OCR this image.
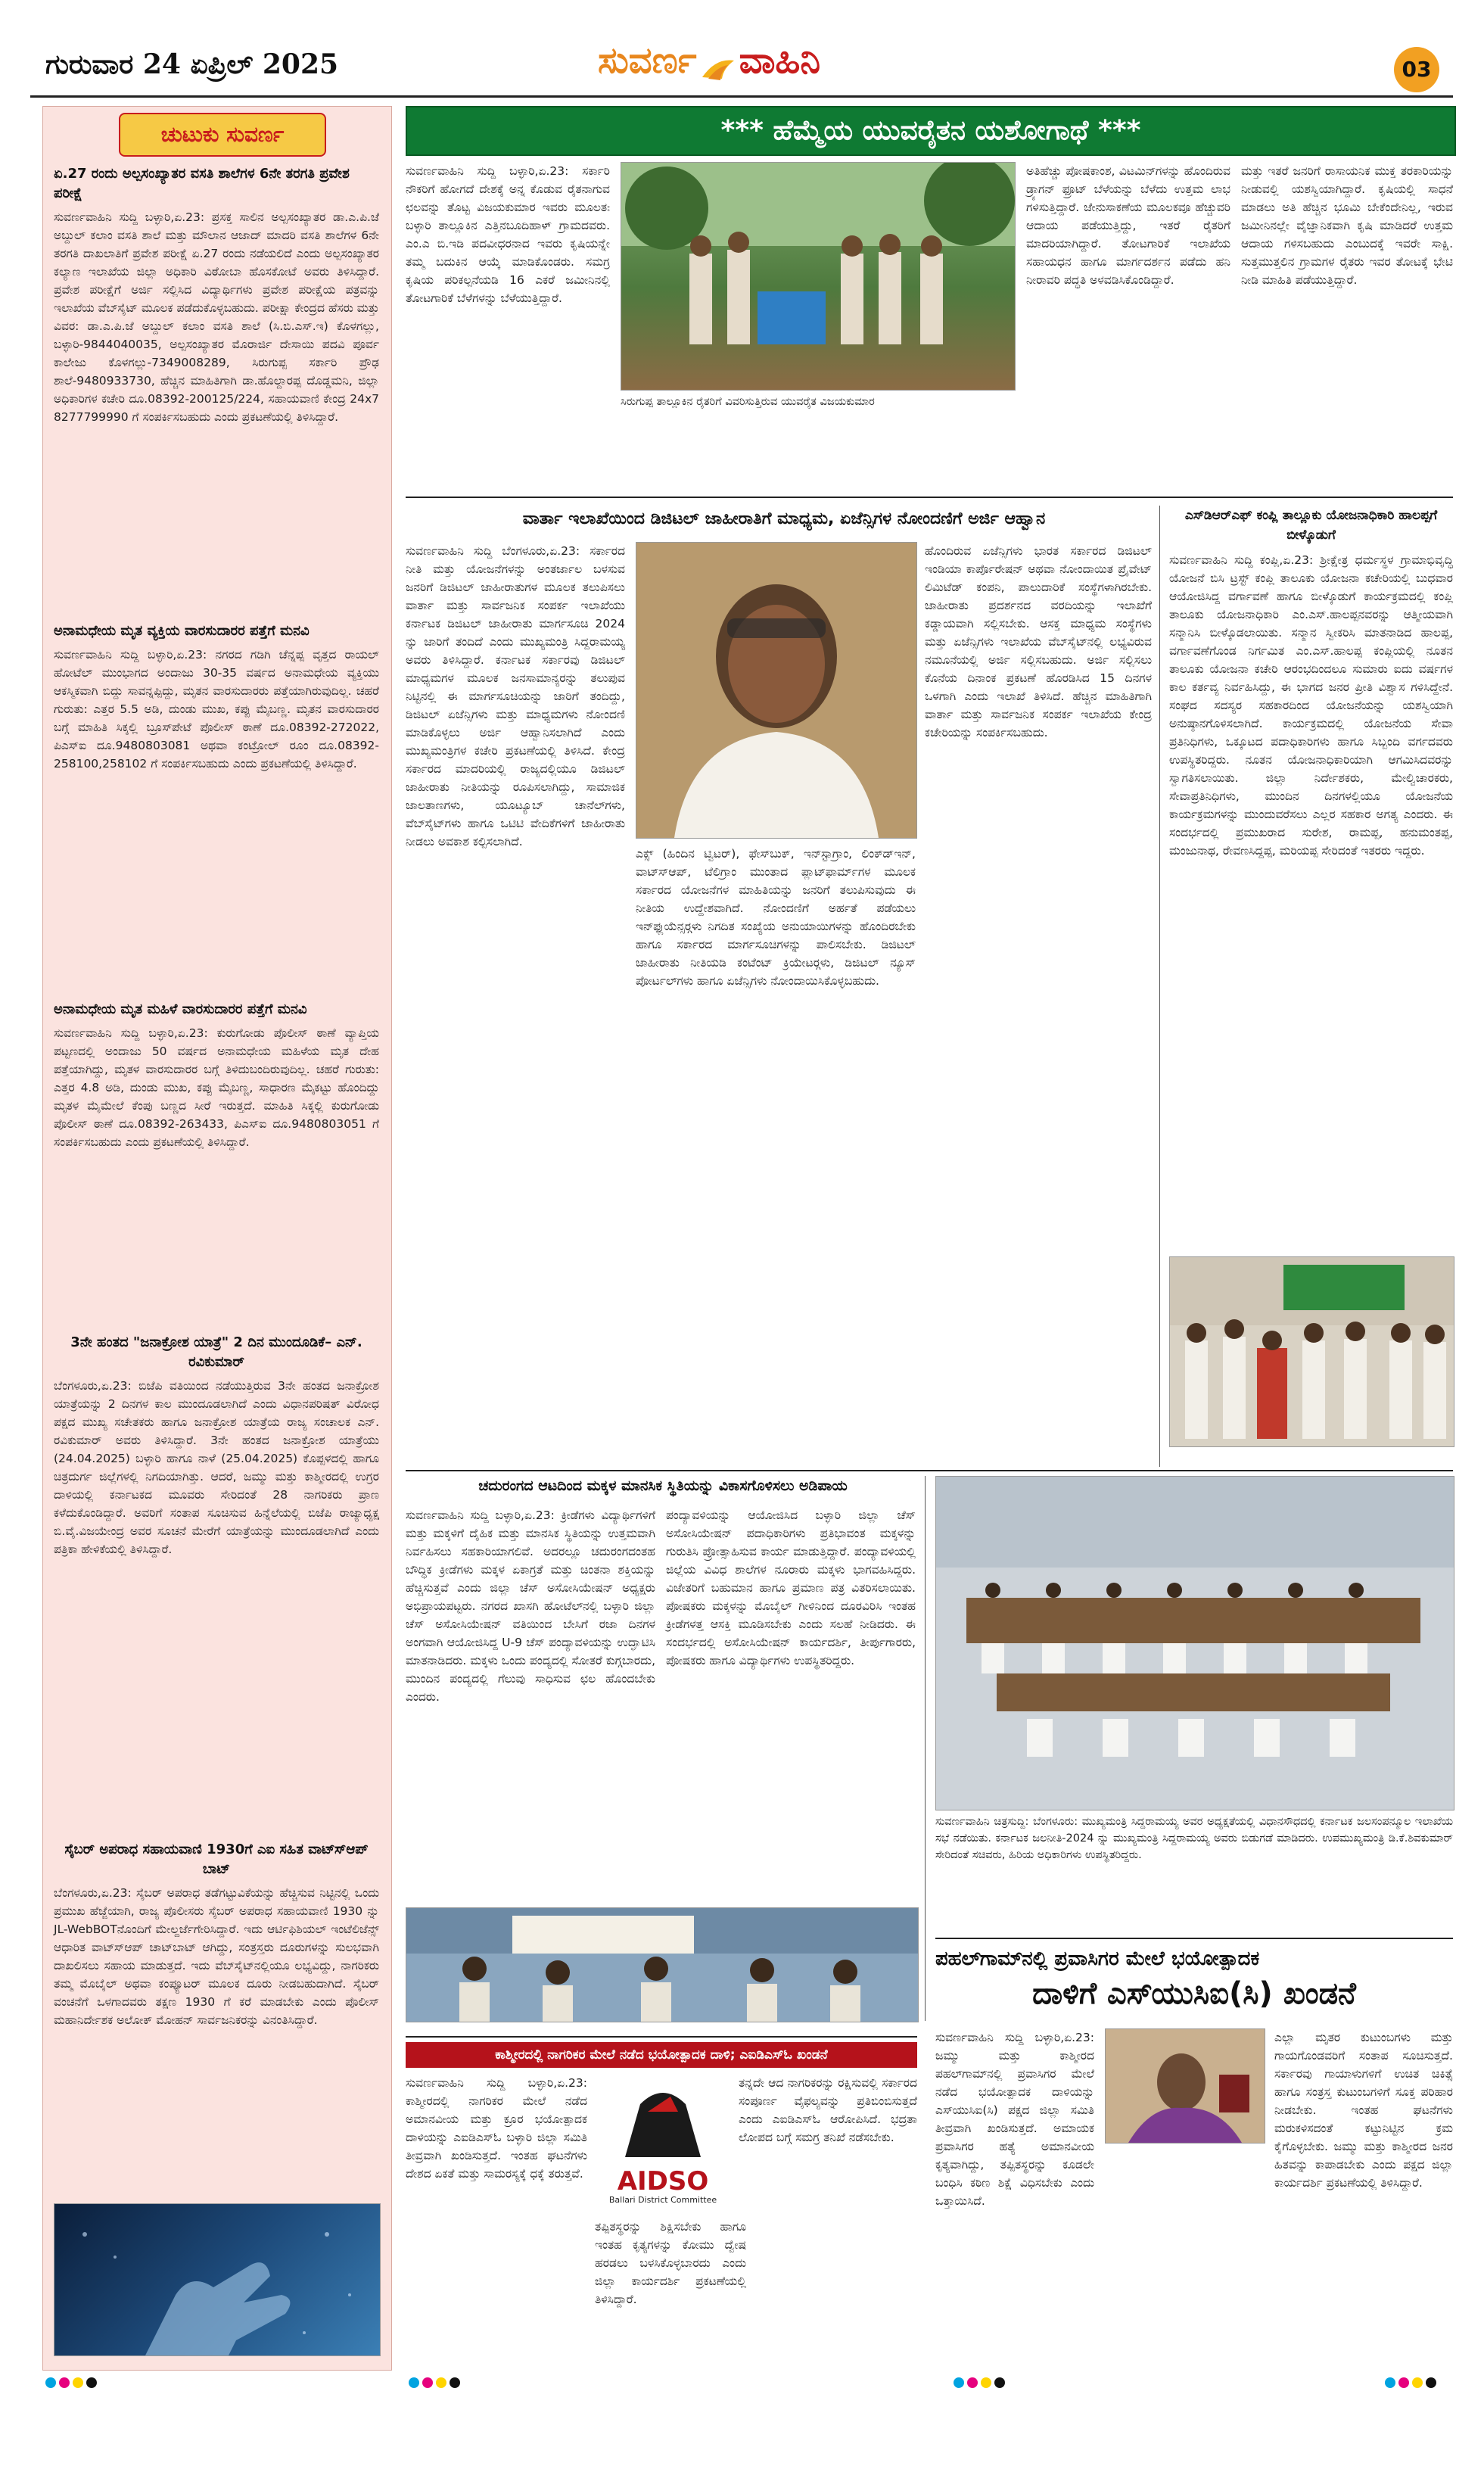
ಗುರುವಾರ 24 ಏಪ್ರಿಲ್ 2025	ಸುವರ್ಣ ವಾಹಿನಿ	03
ಚುಟುಕು ಸುವರ್ಣ
ಏ.27 ರಂದು ಅಲ್ಪಸಂಖ್ಯಾತರ ವಸತಿ ಶಾಲೆಗಳ 6ನೇ ತರಗತಿ ಪ್ರವೇಶ ಪರೀಕ್ಷೆ
ಸುವರ್ಣವಾಹಿನಿ ಸುದ್ದಿ ಬಳ್ಳಾರಿ,ಏ.23: ಪ್ರಸಕ್ತ ಸಾಲಿನ ಅಲ್ಪಸಂಖ್ಯಾತರ ಡಾ.ಎ.ಪಿ.ಜೆ ಅಬ್ದುಲ್ ಕಲಾಂ ವಸತಿ ಶಾಲೆ ಮತ್ತು ಮೌಲಾನ ಆಜಾದ್ ಮಾದರಿ ವಸತಿ ಶಾಲೆಗಳ 6ನೇ ತರಗತಿ ದಾಖಲಾತಿಗೆ ಪ್ರವೇಶ ಪರೀಕ್ಷೆ ಏ.27 ರಂದು ನಡೆಯಲಿದೆ ಎಂದು ಅಲ್ಪಸಂಖ್ಯಾತರ ಕಲ್ಯಾಣ ಇಲಾಖೆಯ ಜಿಲ್ಲಾ ಅಧಿಕಾರಿ ವಿಠೋಬಾ ಹೊಸಕೋಟೆ ಅವರು ತಿಳಿಸಿದ್ದಾರೆ. ಪ್ರವೇಶ ಪರೀಕ್ಷೆಗೆ ಅರ್ಜಿ ಸಲ್ಲಿಸಿದ ವಿದ್ಯಾರ್ಥಿಗಳು ಪ್ರವೇಶ ಪರೀಕ್ಷೆಯ ಪತ್ರವನ್ನು ಇಲಾಖೆಯ ವೆಬ್‍ಸೈಟ್ ಮೂಲಕ ಪಡೆದುಕೊಳ್ಳಬಹುದು. ಪರೀಕ್ಷಾ ಕೇಂದ್ರದ ಹೆಸರು ಮತ್ತು ವಿವರ: ಡಾ.ಎ.ಪಿ.ಜೆ ಅಬ್ದುಲ್ ಕಲಾಂ ವಸತಿ ಶಾಲೆ (ಸಿ.ಬಿ.ಎಸ್.ಇ) ಕೊಳಗಲ್ಲು, ಬಳ್ಳಾರಿ-9844040035, ಅಲ್ಪಸಂಖ್ಯಾತರ ಮೊರಾರ್ಜಿ ದೇಸಾಯಿ ಪದವಿ ಪೂರ್ವ ಕಾಲೇಜು ಕೊಳಗಲ್ಲು-7349008289, ಸಿರುಗುಪ್ಪ ಸರ್ಕಾರಿ ಪ್ರೌಢ ಶಾಲೆ-9480933730, ಹೆಚ್ಚಿನ ಮಾಹಿತಿಗಾಗಿ ಡಾ.ಹೊಲ್ದಾರಪ್ಪ ದೊಡ್ಡಮನಿ, ಜಿಲ್ಲಾ ಅಧಿಕಾರಿಗಳ ಕಚೇರಿ ದೂ.08392-200125/224, ಸಹಾಯವಾಣಿ ಕೇಂದ್ರ 24x7 8277799990 ಗೆ ಸಂಪರ್ಕಿಸಬಹುದು ಎಂದು ಪ್ರಕಟಣೆಯಲ್ಲಿ ತಿಳಿಸಿದ್ದಾರೆ.
ಅನಾಮಧೇಯ ಮೃತ ವ್ಯಕ್ತಿಯ ವಾರಸುದಾರರ ಪತ್ತೆಗೆ ಮನವಿ
ಸುವರ್ಣವಾಹಿನಿ ಸುದ್ದಿ ಬಳ್ಳಾರಿ,ಏ.23: ನಗರದ ಗಡಿಗಿ ಚೆನ್ನಪ್ಪ ವೃತ್ತದ ರಾಯಲ್ ಹೋಟೆಲ್ ಮುಂಭಾಗದ ಅಂದಾಜು 30-35 ವರ್ಷದ ಅನಾಮಧೇಯ ವ್ಯಕ್ತಿಯು ಆಕಸ್ಮಿಕವಾಗಿ ಬಿದ್ದು ಸಾವನ್ನಪ್ಪಿದ್ದು, ಮೃತನ ವಾರಸುದಾರರು ಪತ್ತೆಯಾಗಿರುವುದಿಲ್ಲ. ಚಹರೆ ಗುರುತು: ಎತ್ತರ 5.5 ಅಡಿ, ದುಂಡು ಮುಖ, ಕಪ್ಪು ಮೈಬಣ್ಣ. ಮೃತನ ವಾರಸುದಾರರ ಬಗ್ಗೆ ಮಾಹಿತಿ ಸಿಕ್ಕಲ್ಲಿ ಬ್ರೂಸ್‍ಪೇಟೆ ಪೊಲೀಸ್ ಠಾಣೆ ದೂ.08392-272022, ಪಿಎಸ್‍ಐ ದೂ.9480803081 ಅಥವಾ ಕಂಟ್ರೋಲ್ ರೂಂ ದೂ.08392-258100,258102 ಗೆ ಸಂಪರ್ಕಿಸಬಹುದು ಎಂದು ಪ್ರಕಟಣೆಯಲ್ಲಿ ತಿಳಿಸಿದ್ದಾರೆ.
ಅನಾಮಧೇಯ ಮೃತ ಮಹಿಳೆ ವಾರಸುದಾರರ ಪತ್ತೆಗೆ ಮನವಿ
ಸುವರ್ಣವಾಹಿನಿ ಸುದ್ದಿ ಬಳ್ಳಾರಿ,ಏ.23: ಕುರುಗೋಡು ಪೊಲೀಸ್ ಠಾಣೆ ವ್ಯಾಪ್ತಿಯ ಪಟ್ಟಣದಲ್ಲಿ ಅಂದಾಜು 50 ವರ್ಷದ ಅನಾಮಧೇಯ ಮಹಿಳೆಯ ಮೃತ ದೇಹ ಪತ್ತೆಯಾಗಿದ್ದು, ಮೃತಳ ವಾರಸುದಾರರ ಬಗ್ಗೆ ತಿಳಿದುಬಂದಿರುವುದಿಲ್ಲ. ಚಹರೆ ಗುರುತು: ಎತ್ತರ 4.8 ಅಡಿ, ದುಂಡು ಮುಖ, ಕಪ್ಪು ಮೈಬಣ್ಣ, ಸಾಧಾರಣ ಮೈಕಟ್ಟು ಹೊಂದಿದ್ದು ಮೃತಳ ಮೈಮೇಲೆ ಕೆಂಪು ಬಣ್ಣದ ಸೀರೆ ಇರುತ್ತದೆ. ಮಾಹಿತಿ ಸಿಕ್ಕಲ್ಲಿ ಕುರುಗೋಡು ಪೊಲೀಸ್ ಠಾಣೆ ದೂ.08392-263433, ಪಿಎಸ್‍ಐ ದೂ.9480803051 ಗೆ ಸಂಪರ್ಕಿಸಬಹುದು ಎಂದು ಪ್ರಕಟಣೆಯಲ್ಲಿ ತಿಳಿಸಿದ್ದಾರೆ.
3ನೇ ಹಂತದ "ಜನಾಕ್ರೋಶ ಯಾತ್ರೆ" 2 ದಿನ ಮುಂದೂಡಿಕೆ– ಎನ್. ರವಿಕುಮಾರ್
ಬೆಂಗಳೂರು,ಏ.23: ಬಿಜೆಪಿ ವತಿಯಿಂದ ನಡೆಯುತ್ತಿರುವ 3ನೇ ಹಂತದ ಜನಾಕ್ರೋಶ ಯಾತ್ರೆಯನ್ನು 2 ದಿನಗಳ ಕಾಲ ಮುಂದೂಡಲಾಗಿದೆ ಎಂದು ವಿಧಾನಪರಿಷತ್ ವಿರೋಧ ಪಕ್ಷದ ಮುಖ್ಯ ಸಚೇತಕರು ಹಾಗೂ ಜನಾಕ್ರೋಶ ಯಾತ್ರೆಯ ರಾಜ್ಯ ಸಂಚಾಲಕ ಎನ್. ರವಿಕುಮಾರ್ ಅವರು ತಿಳಿಸಿದ್ದಾರೆ. 3ನೇ ಹಂತದ ಜನಾಕ್ರೋಶ ಯಾತ್ರೆಯು (24.04.2025) ಬಳ್ಳಾರಿ ಹಾಗೂ ನಾಳೆ (25.04.2025) ಕೊಪ್ಪಳದಲ್ಲಿ ಹಾಗೂ ಚಿತ್ರದುರ್ಗ ಜಿಲ್ಲೆಗಳಲ್ಲಿ ನಿಗದಿಯಾಗಿತ್ತು. ಆದರೆ, ಜಮ್ಮು ಮತ್ತು ಕಾಶ್ಮೀರದಲ್ಲಿ ಉಗ್ರರ ದಾಳಿಯಲ್ಲಿ ಕರ್ನಾಟಕದ ಮೂವರು ಸೇರಿದಂತೆ 28 ನಾಗರಿಕರು ಪ್ರಾಣ ಕಳೆದುಕೊಂಡಿದ್ದಾರೆ. ಅವರಿಗೆ ಸಂತಾಪ ಸೂಚಿಸುವ ಹಿನ್ನೆಲೆಯಲ್ಲಿ ಬಿಜೆಪಿ ರಾಜ್ಯಾಧ್ಯಕ್ಷ ಬಿ.ವೈ.ವಿಜಯೇಂದ್ರ ಅವರ ಸೂಚನೆ ಮೇರೆಗೆ ಯಾತ್ರೆಯನ್ನು ಮುಂದೂಡಲಾಗಿದೆ ಎಂದು ಪತ್ರಿಕಾ ಹೇಳಿಕೆಯಲ್ಲಿ ತಿಳಿಸಿದ್ದಾರೆ.
ಸೈಬರ್ ಅಪರಾಧ ಸಹಾಯವಾಣಿ 1930ಗೆ ಎಐ ಸಹಿತ ವಾಟ್ಸ್‍ಆಪ್ ಬಾಟ್
ಬೆಂಗಳೂರು,ಏ.23: ಸೈಬರ್ ಅಪರಾಧ ತಡೆಗಟ್ಟುವಿಕೆಯನ್ನು ಹೆಚ್ಚಿಸುವ ನಿಟ್ಟಿನಲ್ಲಿ ಒಂದು ಪ್ರಮುಖ ಹೆಜ್ಜೆಯಾಗಿ, ರಾಜ್ಯ ಪೊಲೀಸರು ಸೈಬರ್ ಅಪರಾಧ ಸಹಾಯವಾಣಿ 1930 ನ್ನು JL-WebBOTನೊಂದಿಗೆ ಮೇಲ್ದರ್ಜೆಗೇರಿಸಿದ್ದಾರೆ. ಇದು ಆರ್ಟಿಫಿಶಿಯಲ್ ಇಂಟೆಲಿಜೆನ್ಸ್ ಆಧಾರಿತ ವಾಟ್ಸ್‍ಆಪ್ ಚಾಟ್‍ಬಾಟ್ ಆಗಿದ್ದು, ಸಂತ್ರಸ್ತರು ದೂರುಗಳನ್ನು ಸುಲಭವಾಗಿ ದಾಖಲಿಸಲು ಸಹಾಯ ಮಾಡುತ್ತದೆ. ಇದು ವೆಬ್‍ಸೈಟ್‍ನಲ್ಲಿಯೂ ಲಭ್ಯವಿದ್ದು, ನಾಗರಿಕರು ತಮ್ಮ ಮೊಬೈಲ್ ಅಥವಾ ಕಂಪ್ಯೂಟರ್ ಮೂಲಕ ದೂರು ನೀಡಬಹುದಾಗಿದೆ. ಸೈಬರ್ ವಂಚನೆಗೆ ಒಳಗಾದವರು ತಕ್ಷಣ 1930 ಗೆ ಕರೆ ಮಾಡಬೇಕು ಎಂದು ಪೊಲೀಸ್ ಮಹಾನಿರ್ದೇಶಕ ಅಲೋಕ್ ಮೋಹನ್ ಸಾರ್ವಜನಿಕರನ್ನು ವಿನಂತಿಸಿದ್ದಾರೆ.
*** ಹೆಮ್ಮೆಯ ಯುವರೈತನ ಯಶೋಗಾಥೆ ***
ಸುವರ್ಣವಾಹಿನಿ ಸುದ್ದಿ ಬಳ್ಳಾರಿ,ಏ.23: ಸರ್ಕಾರಿ ನೌಕರಿಗೆ ಹೋಗದೆ ದೇಶಕ್ಕೆ ಅನ್ನ ಕೊಡುವ ರೈತನಾಗುವ ಛಲವನ್ನು ತೊಟ್ಟ ವಿಜಯಕುಮಾರ ಇವರು ಮೂಲತಃ ಬಳ್ಳಾರಿ ತಾಲ್ಲೂಕಿನ ಎತ್ತಿನಬೂದಿಹಾಳ್ ಗ್ರಾಮದವರು. ಎಂ.ಎ ಬಿ.ಇಡಿ ಪದವೀಧರನಾದ ಇವರು ಕೃಷಿಯನ್ನೇ ತಮ್ಮ ಬದುಕಿನ ಆಯ್ಕೆ ಮಾಡಿಕೊಂಡರು. ಸಮಗ್ರ ಕೃಷಿಯ ಪರಿಕಲ್ಪನೆಯಡಿ 16 ಎಕರೆ ಜಮೀನಿನಲ್ಲಿ ತೋಟಗಾರಿಕೆ ಬೆಳೆಗಳನ್ನು ಬೆಳೆಯುತ್ತಿದ್ದಾರೆ.
ಸಿರುಗುಪ್ಪ ತಾಲ್ಲೂಕಿನ ರೈತರಿಗೆ ವಿವರಿಸುತ್ತಿರುವ ಯುವರೈತ ವಿಜಯಕುಮಾರ
ಅತಿಹೆಚ್ಚು ಪೋಷಕಾಂಶ, ವಿಟಮಿನ್‍ಗಳನ್ನು ಹೊಂದಿರುವ ಡ್ರ್ಯಾಗನ್ ಫ್ರೂಟ್ ಬೆಳೆಯನ್ನು ಬೆಳೆದು ಉತ್ತಮ ಲಾಭ ಗಳಿಸುತ್ತಿದ್ದಾರೆ. ಜೇನುಸಾಕಣೆಯ ಮೂಲಕವೂ ಹೆಚ್ಚುವರಿ ಆದಾಯ ಪಡೆಯುತ್ತಿದ್ದು, ಇತರೆ ರೈತರಿಗೆ ಮಾದರಿಯಾಗಿದ್ದಾರೆ. ತೋಟಗಾರಿಕೆ ಇಲಾಖೆಯ ಸಹಾಯಧನ ಹಾಗೂ ಮಾರ್ಗದರ್ಶನ ಪಡೆದು ಹನಿ ನೀರಾವರಿ ಪದ್ಧತಿ ಅಳವಡಿಸಿಕೊಂಡಿದ್ದಾರೆ.
ಮತ್ತು ಇತರೆ ಜನರಿಗೆ ರಾಸಾಯನಿಕ ಮುಕ್ತ ತರಕಾರಿಯನ್ನು ನೀಡುವಲ್ಲಿ ಯಶಸ್ವಿಯಾಗಿದ್ದಾರೆ. ಕೃಷಿಯಲ್ಲಿ ಸಾಧನೆ ಮಾಡಲು ಅತಿ ಹೆಚ್ಚಿನ ಭೂಮಿ ಬೇಕೆಂದೇನಿಲ್ಲ, ಇರುವ ಜಮೀನಿನಲ್ಲೇ ವೈಜ್ಞಾನಿಕವಾಗಿ ಕೃಷಿ ಮಾಡಿದರೆ ಉತ್ತಮ ಆದಾಯ ಗಳಿಸಬಹುದು ಎಂಬುದಕ್ಕೆ ಇವರೇ ಸಾಕ್ಷಿ. ಸುತ್ತಮುತ್ತಲಿನ ಗ್ರಾಮಗಳ ರೈತರು ಇವರ ತೋಟಕ್ಕೆ ಭೇಟಿ ನೀಡಿ ಮಾಹಿತಿ ಪಡೆಯುತ್ತಿದ್ದಾರೆ.
ವಾರ್ತಾ ಇಲಾಖೆಯಿಂದ ಡಿಜಿಟಲ್ ಜಾಹೀರಾತಿಗೆ ಮಾಧ್ಯಮ, ಏಜೆನ್ಸಿಗಳ ನೋಂದಣಿಗೆ ಅರ್ಜಿ ಆಹ್ವಾನ
ಸುವರ್ಣವಾಹಿನಿ ಸುದ್ದಿ ಬೆಂಗಳೂರು,ಏ.23: ಸರ್ಕಾರದ ನೀತಿ ಮತ್ತು ಯೋಜನೆಗಳನ್ನು ಅಂತರ್ಜಾಲ ಬಳಸುವ ಜನರಿಗೆ ಡಿಜಿಟಲ್ ಜಾಹೀರಾತುಗಳ ಮೂಲಕ ತಲುಪಿಸಲು ವಾರ್ತಾ ಮತ್ತು ಸಾರ್ವಜನಿಕ ಸಂಪರ್ಕ ಇಲಾಖೆಯು ಕರ್ನಾಟಕ ಡಿಜಿಟಲ್ ಜಾಹೀರಾತು ಮಾರ್ಗಸೂಚಿ 2024 ನ್ನು ಜಾರಿಗೆ ತಂದಿದೆ ಎಂದು ಮುಖ್ಯಮಂತ್ರಿ ಸಿದ್ದರಾಮಯ್ಯ ಅವರು ತಿಳಿಸಿದ್ದಾರೆ. ಕರ್ನಾಟಕ ಸರ್ಕಾರವು ಡಿಜಿಟಲ್ ಮಾಧ್ಯಮಗಳ ಮೂಲಕ ಜನಸಾಮಾನ್ಯರನ್ನು ತಲುಪುವ ನಿಟ್ಟಿನಲ್ಲಿ ಈ ಮಾರ್ಗಸೂಚಿಯನ್ನು ಜಾರಿಗೆ ತಂದಿದ್ದು, ಡಿಜಿಟಲ್ ಏಜೆನ್ಸಿಗಳು ಮತ್ತು ಮಾಧ್ಯಮಗಳು ನೋಂದಣಿ ಮಾಡಿಕೊಳ್ಳಲು ಅರ್ಜಿ ಆಹ್ವಾನಿಸಲಾಗಿದೆ ಎಂದು ಮುಖ್ಯಮಂತ್ರಿಗಳ ಕಚೇರಿ ಪ್ರಕಟಣೆಯಲ್ಲಿ ತಿಳಿಸಿದೆ. ಕೇಂದ್ರ ಸರ್ಕಾರದ ಮಾದರಿಯಲ್ಲಿ ರಾಜ್ಯದಲ್ಲಿಯೂ ಡಿಜಿಟಲ್ ಜಾಹೀರಾತು ನೀತಿಯನ್ನು ರೂಪಿಸಲಾಗಿದ್ದು, ಸಾಮಾಜಿಕ ಜಾಲತಾಣಗಳು, ಯೂಟ್ಯೂಬ್ ಚಾನೆಲ್‍ಗಳು, ವೆಬ್‍ಸೈಟ್‍ಗಳು ಹಾಗೂ ಒಟಿಟಿ ವೇದಿಕೆಗಳಿಗೆ ಜಾಹೀರಾತು ನೀಡಲು ಅವಕಾಶ ಕಲ್ಪಿಸಲಾಗಿದೆ.
ಎಕ್ಸ್ (ಹಿಂದಿನ ಟ್ವಿಟರ್), ಫೇಸ್‍ಬುಕ್, ಇನ್‍ಸ್ಟಾಗ್ರಾಂ, ಲಿಂಕ್ಡ್‍ಇನ್, ವಾಟ್ಸ್‍ಆಪ್, ಟೆಲಿಗ್ರಾಂ ಮುಂತಾದ ಪ್ಲಾಟ್‍ಫಾರ್ಮ್‍ಗಳ ಮೂಲಕ ಸರ್ಕಾರದ ಯೋಜನೆಗಳ ಮಾಹಿತಿಯನ್ನು ಜನರಿಗೆ ತಲುಪಿಸುವುದು ಈ ನೀತಿಯ ಉದ್ದೇಶವಾಗಿದೆ. ನೋಂದಣಿಗೆ ಅರ್ಹತೆ ಪಡೆಯಲು ಇನ್‍ಫ್ಲುಯೆನ್ಸರ್‍ಗಳು ನಿಗದಿತ ಸಂಖ್ಯೆಯ ಅನುಯಾಯಿಗಳನ್ನು ಹೊಂದಿರಬೇಕು ಹಾಗೂ ಸರ್ಕಾರದ ಮಾರ್ಗಸೂಚಿಗಳನ್ನು ಪಾಲಿಸಬೇಕು. ಡಿಜಿಟಲ್ ಜಾಹೀರಾತು ನೀತಿಯಡಿ ಕಂಟೆಂಟ್ ಕ್ರಿಯೇಟರ್‍ಗಳು, ಡಿಜಿಟಲ್ ನ್ಯೂಸ್ ಪೋರ್ಟಲ್‍ಗಳು ಹಾಗೂ ಏಜೆನ್ಸಿಗಳು ನೋಂದಾಯಿಸಿಕೊಳ್ಳಬಹುದು.
ಹೊಂದಿರುವ ಏಜೆನ್ಸಿಗಳು ಭಾರತ ಸರ್ಕಾರದ ಡಿಜಿಟಲ್ ಇಂಡಿಯಾ ಕಾರ್ಪೊರೇಷನ್ ಅಥವಾ ನೋಂದಾಯಿತ ಪ್ರೈವೇಟ್ ಲಿಮಿಟೆಡ್ ಕಂಪನಿ, ಪಾಲುದಾರಿಕೆ ಸಂಸ್ಥೆಗಳಾಗಿರಬೇಕು. ಜಾಹೀರಾತು ಪ್ರದರ್ಶನದ ವರದಿಯನ್ನು ಇಲಾಖೆಗೆ ಕಡ್ಡಾಯವಾಗಿ ಸಲ್ಲಿಸಬೇಕು. ಆಸಕ್ತ ಮಾಧ್ಯಮ ಸಂಸ್ಥೆಗಳು ಮತ್ತು ಏಜೆನ್ಸಿಗಳು ಇಲಾಖೆಯ ವೆಬ್‍ಸೈಟ್‍ನಲ್ಲಿ ಲಭ್ಯವಿರುವ ನಮೂನೆಯಲ್ಲಿ ಅರ್ಜಿ ಸಲ್ಲಿಸಬಹುದು. ಅರ್ಜಿ ಸಲ್ಲಿಸಲು ಕೊನೆಯ ದಿನಾಂಕ ಪ್ರಕಟಣೆ ಹೊರಡಿಸಿದ 15 ದಿನಗಳ ಒಳಗಾಗಿ ಎಂದು ಇಲಾಖೆ ತಿಳಿಸಿದೆ. ಹೆಚ್ಚಿನ ಮಾಹಿತಿಗಾಗಿ ವಾರ್ತಾ ಮತ್ತು ಸಾರ್ವಜನಿಕ ಸಂಪರ್ಕ ಇಲಾಖೆಯ ಕೇಂದ್ರ ಕಚೇರಿಯನ್ನು ಸಂಪರ್ಕಿಸಬಹುದು.
ಎಸ್‍ಡಿಆರ್‍ಎಫ್ ಕಂಪ್ಲಿ ತಾಲ್ಲೂಕು ಯೋಜನಾಧಿಕಾರಿ ಹಾಲಪ್ಪಗೆ ಬೀಳ್ಕೊಡುಗೆ
ಸುವರ್ಣವಾಹಿನಿ ಸುದ್ದಿ ಕಂಪ್ಲಿ,ಏ.23: ಶ್ರೀಕ್ಷೇತ್ರ ಧರ್ಮಸ್ಥಳ ಗ್ರಾಮಾಭಿವೃದ್ಧಿ ಯೋಜನೆ ಬಿಸಿ ಟ್ರಸ್ಟ್ ಕಂಪ್ಲಿ ತಾಲೂಕು ಯೋಜನಾ ಕಚೇರಿಯಲ್ಲಿ ಬುಧವಾರ ಆಯೋಜಿಸಿದ್ದ ವರ್ಗಾವಣೆ ಹಾಗೂ ಬೀಳ್ಕೊಡುಗೆ ಕಾರ್ಯಕ್ರಮದಲ್ಲಿ ಕಂಪ್ಲಿ ತಾಲೂಕು ಯೋಜನಾಧಿಕಾರಿ ಎಂ.ಎಸ್.ಹಾಲಪ್ಪನವರನ್ನು ಆತ್ಮೀಯವಾಗಿ ಸನ್ಮಾನಿಸಿ ಬೀಳ್ಕೊಡಲಾಯಿತು. ಸನ್ಮಾನ ಸ್ವೀಕರಿಸಿ ಮಾತನಾಡಿದ ಹಾಲಪ್ಪ, ವರ್ಗಾವಣೆಗೊಂಡ ನಿರ್ಗಮಿತ ಎಂ.ಎಸ್.ಹಾಲಪ್ಪ ಕಂಪ್ಲಿಯಲ್ಲಿ ನೂತನ ತಾಲೂಕು ಯೋಜನಾ ಕಚೇರಿ ಆರಂಭದಿಂದಲೂ ಸುಮಾರು ಐದು ವರ್ಷಗಳ ಕಾಲ ಕರ್ತವ್ಯ ನಿರ್ವಹಿಸಿದ್ದು, ಈ ಭಾಗದ ಜನರ ಪ್ರೀತಿ ವಿಶ್ವಾಸ ಗಳಿಸಿದ್ದೇನೆ. ಸಂಘದ ಸದಸ್ಯರ ಸಹಕಾರದಿಂದ ಯೋಜನೆಯನ್ನು ಯಶಸ್ವಿಯಾಗಿ ಅನುಷ್ಠಾನಗೊಳಿಸಲಾಗಿದೆ. ಕಾರ್ಯಕ್ರಮದಲ್ಲಿ ಯೋಜನೆಯ ಸೇವಾ ಪ್ರತಿನಿಧಿಗಳು, ಒಕ್ಕೂಟದ ಪದಾಧಿಕಾರಿಗಳು ಹಾಗೂ ಸಿಬ್ಬಂದಿ ವರ್ಗದವರು ಉಪಸ್ಥಿತರಿದ್ದರು. ನೂತನ ಯೋಜನಾಧಿಕಾರಿಯಾಗಿ ಆಗಮಿಸಿದವರನ್ನು ಸ್ವಾಗತಿಸಲಾಯಿತು. ಜಿಲ್ಲಾ ನಿರ್ದೇಶಕರು, ಮೇಲ್ವಿಚಾರಕರು, ಸೇವಾಪ್ರತಿನಿಧಿಗಳು, ಮುಂದಿನ ದಿನಗಳಲ್ಲಿಯೂ ಯೋಜನೆಯ ಕಾರ್ಯಕ್ರಮಗಳನ್ನು ಮುಂದುವರೆಸಲು ಎಲ್ಲರ ಸಹಕಾರ ಅಗತ್ಯ ಎಂದರು. ಈ ಸಂದರ್ಭದಲ್ಲಿ ಪ್ರಮುಖರಾದ ಸುರೇಶ, ರಾಮಪ್ಪ, ಹನುಮಂತಪ್ಪ, ಮಂಜುನಾಥ, ರೇವಣಸಿದ್ದಪ್ಪ, ಮರಿಯಪ್ಪ ಸೇರಿದಂತೆ ಇತರರು ಇದ್ದರು.
ಚದುರಂಗದ ಆಟದಿಂದ ಮಕ್ಕಳ ಮಾನಸಿಕ ಸ್ಥಿತಿಯನ್ನು ವಿಕಾಸಗೊಳಿಸಲು ಅಡಿಪಾಯ
ಸುವರ್ಣವಾಹಿನಿ ಸುದ್ದಿ ಬಳ್ಳಾರಿ,ಏ.23: ಕ್ರೀಡೆಗಳು ವಿದ್ಯಾರ್ಥಿಗಳಿಗೆ ಮತ್ತು ಮಕ್ಕಳಿಗೆ ದೈಹಿಕ ಮತ್ತು ಮಾನಸಿಕ ಸ್ಥಿತಿಯನ್ನು ಉತ್ತಮವಾಗಿ ನಿರ್ವಹಿಸಲು ಸಹಕಾರಿಯಾಗಲಿವೆ. ಅದರಲ್ಲೂ ಚದುರಂಗದಂತಹ ಬೌದ್ಧಿಕ ಕ್ರೀಡೆಗಳು ಮಕ್ಕಳ ಏಕಾಗ್ರತೆ ಮತ್ತು ಚಿಂತನಾ ಶಕ್ತಿಯನ್ನು ಹೆಚ್ಚಿಸುತ್ತವೆ ಎಂದು ಜಿಲ್ಲಾ ಚೆಸ್ ಅಸೋಸಿಯೇಷನ್ ಅಧ್ಯಕ್ಷರು ಅಭಿಪ್ರಾಯಪಟ್ಟರು. ನಗರದ ಖಾಸಗಿ ಹೋಟೆಲ್‍ನಲ್ಲಿ ಬಳ್ಳಾರಿ ಜಿಲ್ಲಾ ಚೆಸ್ ಅಸೋಸಿಯೇಷನ್ ವತಿಯಿಂದ ಬೇಸಿಗೆ ರಜಾ ದಿನಗಳ ಅಂಗವಾಗಿ ಆಯೋಜಿಸಿದ್ದ U-9 ಚೆಸ್ ಪಂದ್ಯಾವಳಿಯನ್ನು ಉದ್ಘಾಟಿಸಿ ಮಾತನಾಡಿದರು. ಮಕ್ಕಳು ಒಂದು ಪಂದ್ಯದಲ್ಲಿ ಸೋತರೆ ಕುಗ್ಗಬಾರದು, ಮುಂದಿನ ಪಂದ್ಯದಲ್ಲಿ ಗೆಲುವು ಸಾಧಿಸುವ ಛಲ ಹೊಂದಬೇಕು ಎಂದರು.
ಪಂದ್ಯಾವಳಿಯನ್ನು ಆಯೋಜಿಸಿದ ಬಳ್ಳಾರಿ ಜಿಲ್ಲಾ ಚೆಸ್ ಅಸೋಸಿಯೇಷನ್ ಪದಾಧಿಕಾರಿಗಳು ಪ್ರತಿಭಾವಂತ ಮಕ್ಕಳನ್ನು ಗುರುತಿಸಿ ಪ್ರೋತ್ಸಾಹಿಸುವ ಕಾರ್ಯ ಮಾಡುತ್ತಿದ್ದಾರೆ. ಪಂದ್ಯಾವಳಿಯಲ್ಲಿ ಜಿಲ್ಲೆಯ ವಿವಿಧ ಶಾಲೆಗಳ ನೂರಾರು ಮಕ್ಕಳು ಭಾಗವಹಿಸಿದ್ದರು. ವಿಜೇತರಿಗೆ ಬಹುಮಾನ ಹಾಗೂ ಪ್ರಮಾಣ ಪತ್ರ ವಿತರಿಸಲಾಯಿತು. ಪೋಷಕರು ಮಕ್ಕಳನ್ನು ಮೊಬೈಲ್ ಗೀಳಿನಿಂದ ದೂರವಿರಿಸಿ ಇಂತಹ ಕ್ರೀಡೆಗಳತ್ತ ಆಸಕ್ತಿ ಮೂಡಿಸಬೇಕು ಎಂದು ಸಲಹೆ ನೀಡಿದರು. ಈ ಸಂದರ್ಭದಲ್ಲಿ ಅಸೋಸಿಯೇಷನ್ ಕಾರ್ಯದರ್ಶಿ, ತೀರ್ಪುಗಾರರು, ಪೋಷಕರು ಹಾಗೂ ವಿದ್ಯಾರ್ಥಿಗಳು ಉಪಸ್ಥಿತರಿದ್ದರು.
ಸುವರ್ಣವಾಹಿನಿ ಚಿತ್ರಸುದ್ದಿ: ಬೆಂಗಳೂರು: ಮುಖ್ಯಮಂತ್ರಿ ಸಿದ್ದರಾಮಯ್ಯ ಅವರ ಅಧ್ಯಕ್ಷತೆಯಲ್ಲಿ ವಿಧಾನಸೌಧದಲ್ಲಿ ಕರ್ನಾಟಕ ಜಲಸಂಪನ್ಮೂಲ ಇಲಾಖೆಯ ಸಭೆ ನಡೆಯಿತು. ಕರ್ನಾಟಕ ಜಲನೀತಿ-2024 ನ್ನು ಮುಖ್ಯಮಂತ್ರಿ ಸಿದ್ದರಾಮಯ್ಯ ಅವರು ಬಿಡುಗಡೆ ಮಾಡಿದರು. ಉಪಮುಖ್ಯಮಂತ್ರಿ ಡಿ.ಕೆ.ಶಿವಕುಮಾರ್ ಸೇರಿದಂತೆ ಸಚಿವರು, ಹಿರಿಯ ಅಧಿಕಾರಿಗಳು ಉಪಸ್ಥಿತರಿದ್ದರು.
ಪಹಲ್‍ಗಾಮ್‍ನಲ್ಲಿ ಪ್ರವಾಸಿಗರ ಮೇಲೆ ಭಯೋತ್ಪಾದಕ
ದಾಳಿಗೆ ಎಸ್‍ಯುಸಿಐ(ಸಿ) ಖಂಡನೆ
ಸುವರ್ಣವಾಹಿನಿ ಸುದ್ದಿ ಬಳ್ಳಾರಿ,ಏ.23: ಜಮ್ಮು ಮತ್ತು ಕಾಶ್ಮೀರದ ಪಹಲ್‍ಗಾಮ್‍ನಲ್ಲಿ ಪ್ರವಾಸಿಗರ ಮೇಲೆ ನಡೆದ ಭಯೋತ್ಪಾದಕ ದಾಳಿಯನ್ನು ಎಸ್‍ಯುಸಿಐ(ಸಿ) ಪಕ್ಷದ ಜಿಲ್ಲಾ ಸಮಿತಿ ತೀವ್ರವಾಗಿ ಖಂಡಿಸುತ್ತದೆ. ಅಮಾಯಕ ಪ್ರವಾಸಿಗರ ಹತ್ಯೆ ಅಮಾನವೀಯ ಕೃತ್ಯವಾಗಿದ್ದು, ತಪ್ಪಿತಸ್ಥರನ್ನು ಕೂಡಲೇ ಬಂಧಿಸಿ ಕಠಿಣ ಶಿಕ್ಷೆ ವಿಧಿಸಬೇಕು ಎಂದು ಒತ್ತಾಯಿಸಿದೆ.
ಎಲ್ಲಾ ಮೃತರ ಕುಟುಂಬಗಳು ಮತ್ತು ಗಾಯಗೊಂಡವರಿಗೆ ಸಂತಾಪ ಸೂಚಿಸುತ್ತದೆ. ಸರ್ಕಾರವು ಗಾಯಾಳುಗಳಿಗೆ ಉಚಿತ ಚಿಕಿತ್ಸೆ ಹಾಗೂ ಸಂತ್ರಸ್ತ ಕುಟುಂಬಗಳಿಗೆ ಸೂಕ್ತ ಪರಿಹಾರ ನೀಡಬೇಕು. ಇಂತಹ ಘಟನೆಗಳು ಮರುಕಳಿಸದಂತೆ ಕಟ್ಟುನಿಟ್ಟಿನ ಕ್ರಮ ಕೈಗೊಳ್ಳಬೇಕು. ಜಮ್ಮು ಮತ್ತು ಕಾಶ್ಮೀರದ ಜನರ ಹಿತವನ್ನು ಕಾಪಾಡಬೇಕು ಎಂದು ಪಕ್ಷದ ಜಿಲ್ಲಾ ಕಾರ್ಯದರ್ಶಿ ಪ್ರಕಟಣೆಯಲ್ಲಿ ತಿಳಿಸಿದ್ದಾರೆ.
ಕಾಶ್ಮೀರದಲ್ಲಿ ನಾಗರಿಕರ ಮೇಲೆ ನಡೆದ ಭಯೋತ್ಪಾದಕ ದಾಳಿ; ಎಐಡಿಎಸ್‍ಓ ಖಂಡನೆ
ಸುವರ್ಣವಾಹಿನಿ ಸುದ್ದಿ ಬಳ್ಳಾರಿ,ಏ.23: ಕಾಶ್ಮೀರದಲ್ಲಿ ನಾಗರಿಕರ ಮೇಲೆ ನಡೆದ ಅಮಾನವೀಯ ಮತ್ತು ಕ್ರೂರ ಭಯೋತ್ಪಾದಕ ದಾಳಿಯನ್ನು ಎಐಡಿಎಸ್‍ಓ ಬಳ್ಳಾರಿ ಜಿಲ್ಲಾ ಸಮಿತಿ ತೀವ್ರವಾಗಿ ಖಂಡಿಸುತ್ತದೆ. ಇಂತಹ ಘಟನೆಗಳು ದೇಶದ ಏಕತೆ ಮತ್ತು ಸಾಮರಸ್ಯಕ್ಕೆ ಧಕ್ಕೆ ತರುತ್ತವೆ.	AIDSO
Ballari District Committee
ತನ್ನದೇ ಆದ ನಾಗರಿಕರನ್ನು ರಕ್ಷಿಸುವಲ್ಲಿ ಸರ್ಕಾರದ ಸಂಪೂರ್ಣ ವೈಫಲ್ಯವನ್ನು ಪ್ರತಿಬಿಂಬಿಸುತ್ತದೆ ಎಂದು ಎಐಡಿಎಸ್‍ಓ ಆರೋಪಿಸಿದೆ. ಭದ್ರತಾ ಲೋಪದ ಬಗ್ಗೆ ಸಮಗ್ರ ತನಿಖೆ ನಡೆಸಬೇಕು.
ತಪ್ಪಿತಸ್ಥರನ್ನು ಶಿಕ್ಷಿಸಬೇಕು ಹಾಗೂ ಇಂತಹ ಕೃತ್ಯಗಳನ್ನು ಕೋಮು ದ್ವೇಷ ಹರಡಲು ಬಳಸಿಕೊಳ್ಳಬಾರದು ಎಂದು ಜಿಲ್ಲಾ ಕಾರ್ಯದರ್ಶಿ ಪ್ರಕಟಣೆಯಲ್ಲಿ ತಿಳಿಸಿದ್ದಾರೆ.
